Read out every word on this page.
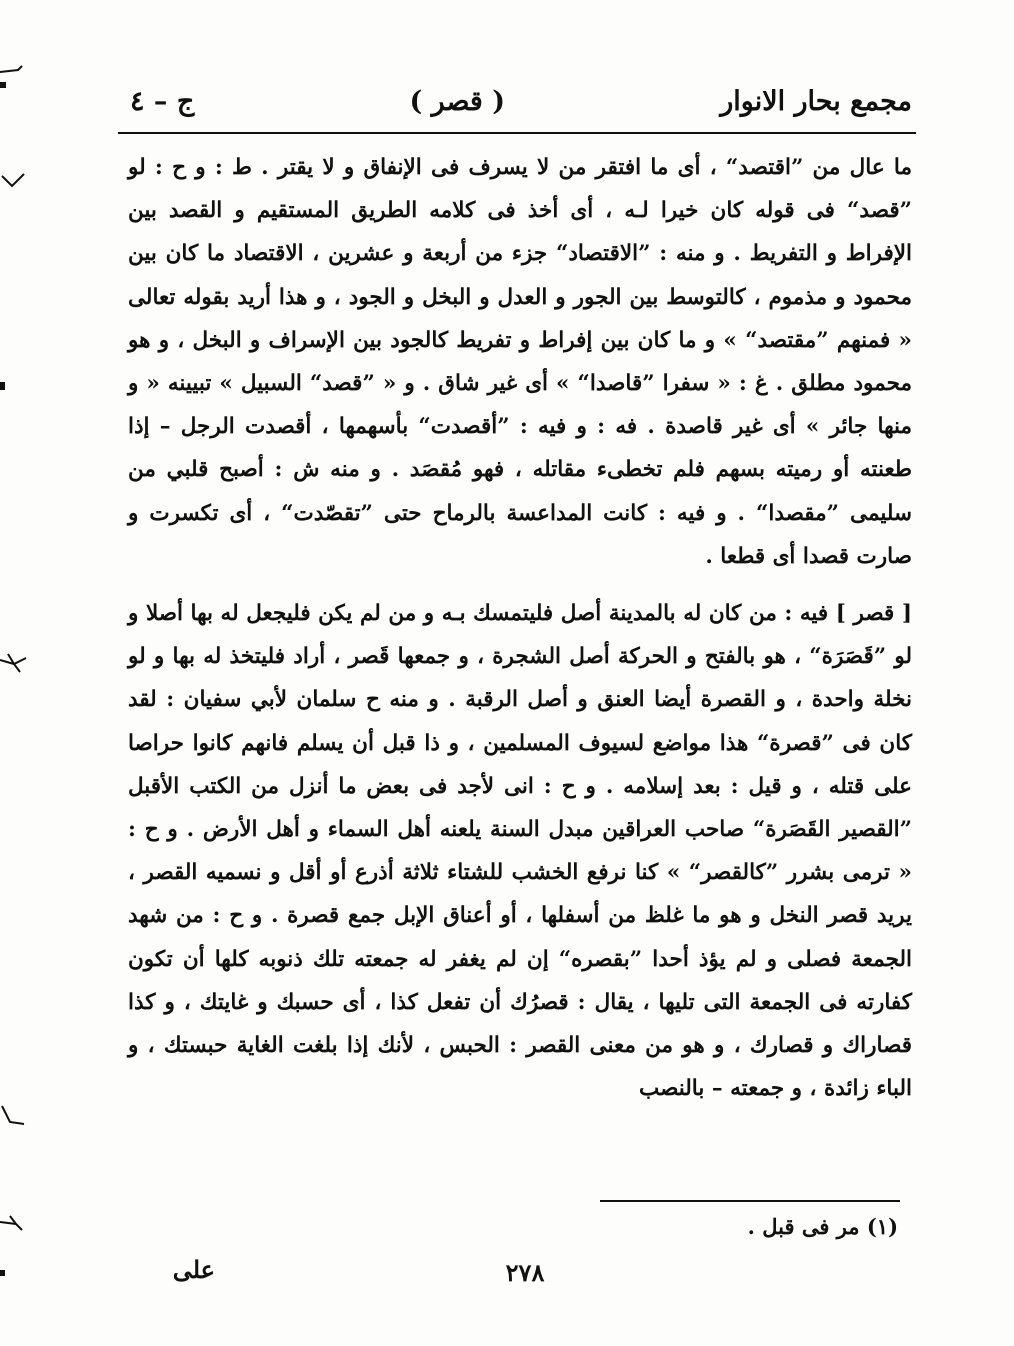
مجمع بحار الانوار
( قصر )
ج – ٤

ما عال من ”اقتصد“ ، أى ما افتقر من لا يسرف فى الإنفاق و لا يقتر . ط : و ح : لو ”قصد“ فى قوله كان خيرا لـه ، أى أخذ فى كلامه الطريق المستقيم و القصد بين الإفراط و التفريط . و منه : ”الاقتصاد“ جزء من أربعة و عشرين ، الاقتصاد ما كان بين محمود و مذموم ، كالتوسط بين الجور و العدل و البخل و الجود ، و هذا أريد بقوله تعالى « فمنهم ”مقتصد“ » و ما كان بين إفراط و تفريط كالجود بين الإسراف و البخل ، و هو محمود مطلق . غ : « سفرا ”قاصدا“ » أى غير شاق . و « ”قصد“ السبيل » تبيينه « و منها جائر » أى غير قاصدة . فه : و فيه : ”أقصدت“ بأسهمها ، أقصدت الرجل – إذا طعنته أو رميته بسهم فلم تخطىء مقاتله ، فهو مُقصَد . و منه ش : أصبح قلبي من سليمى ”مقصدا“ . و فيه : كانت المداعسة بالرماح حتى ”تقصّدت“ ، أى تكسرت و صارت قصدا أى قطعا .

[ قصر ] فيه : من كان له بالمدينة أصل فليتمسك بـه و من لم يكن فليجعل له بها أصلا و لو ”قَصَرَة“ ، هو بالفتح و الحركة أصل الشجرة ، و جمعها قَصر ، أراد فليتخذ له بها و لو نخلة واحدة ، و القصرة أيضا العنق و أصل الرقبة . و منه ح سلمان لأبي سفيان : لقد كان فى ”قصرة“ هذا مواضع لسيوف المسلمين ، و ذا قبل أن يسلم فانهم كانوا حراصا على قتله ، و قيل : بعد إسلامه . و ح : انى لأجد فى بعض ما أنزل من الكتب الأقبل ”القصير القَصَرة“ صاحب العراقين مبدل السنة يلعنه أهل السماء و أهل الأرض . و ح : « ترمى بشرر ”كالقصر“ » كنا نرفع الخشب للشتاء ثلاثة أذرع أو أقل و نسميه القصر ، يريد قصر النخل و هو ما غلظ من أسفلها ، أو أعناق الإبل جمع قصرة . و ح : من شهد الجمعة فصلى و لم يؤذ أحدا ”بقصره“ إن لم يغفر له جمعته تلك ذنوبه كلها أن تكون كفارته فى الجمعة التى تليها ، يقال : قصرُك أن تفعل كذا ، أى حسبك و غايتك ، و كذا قصاراك و قصارك ، و هو من معنى القصر : الحبس ، لأنك إذا بلغت الغاية حبستك ، و الباء زائدة ، و جمعته – بالنصب

(١) مر فى قبل .
٢٧٨
على
